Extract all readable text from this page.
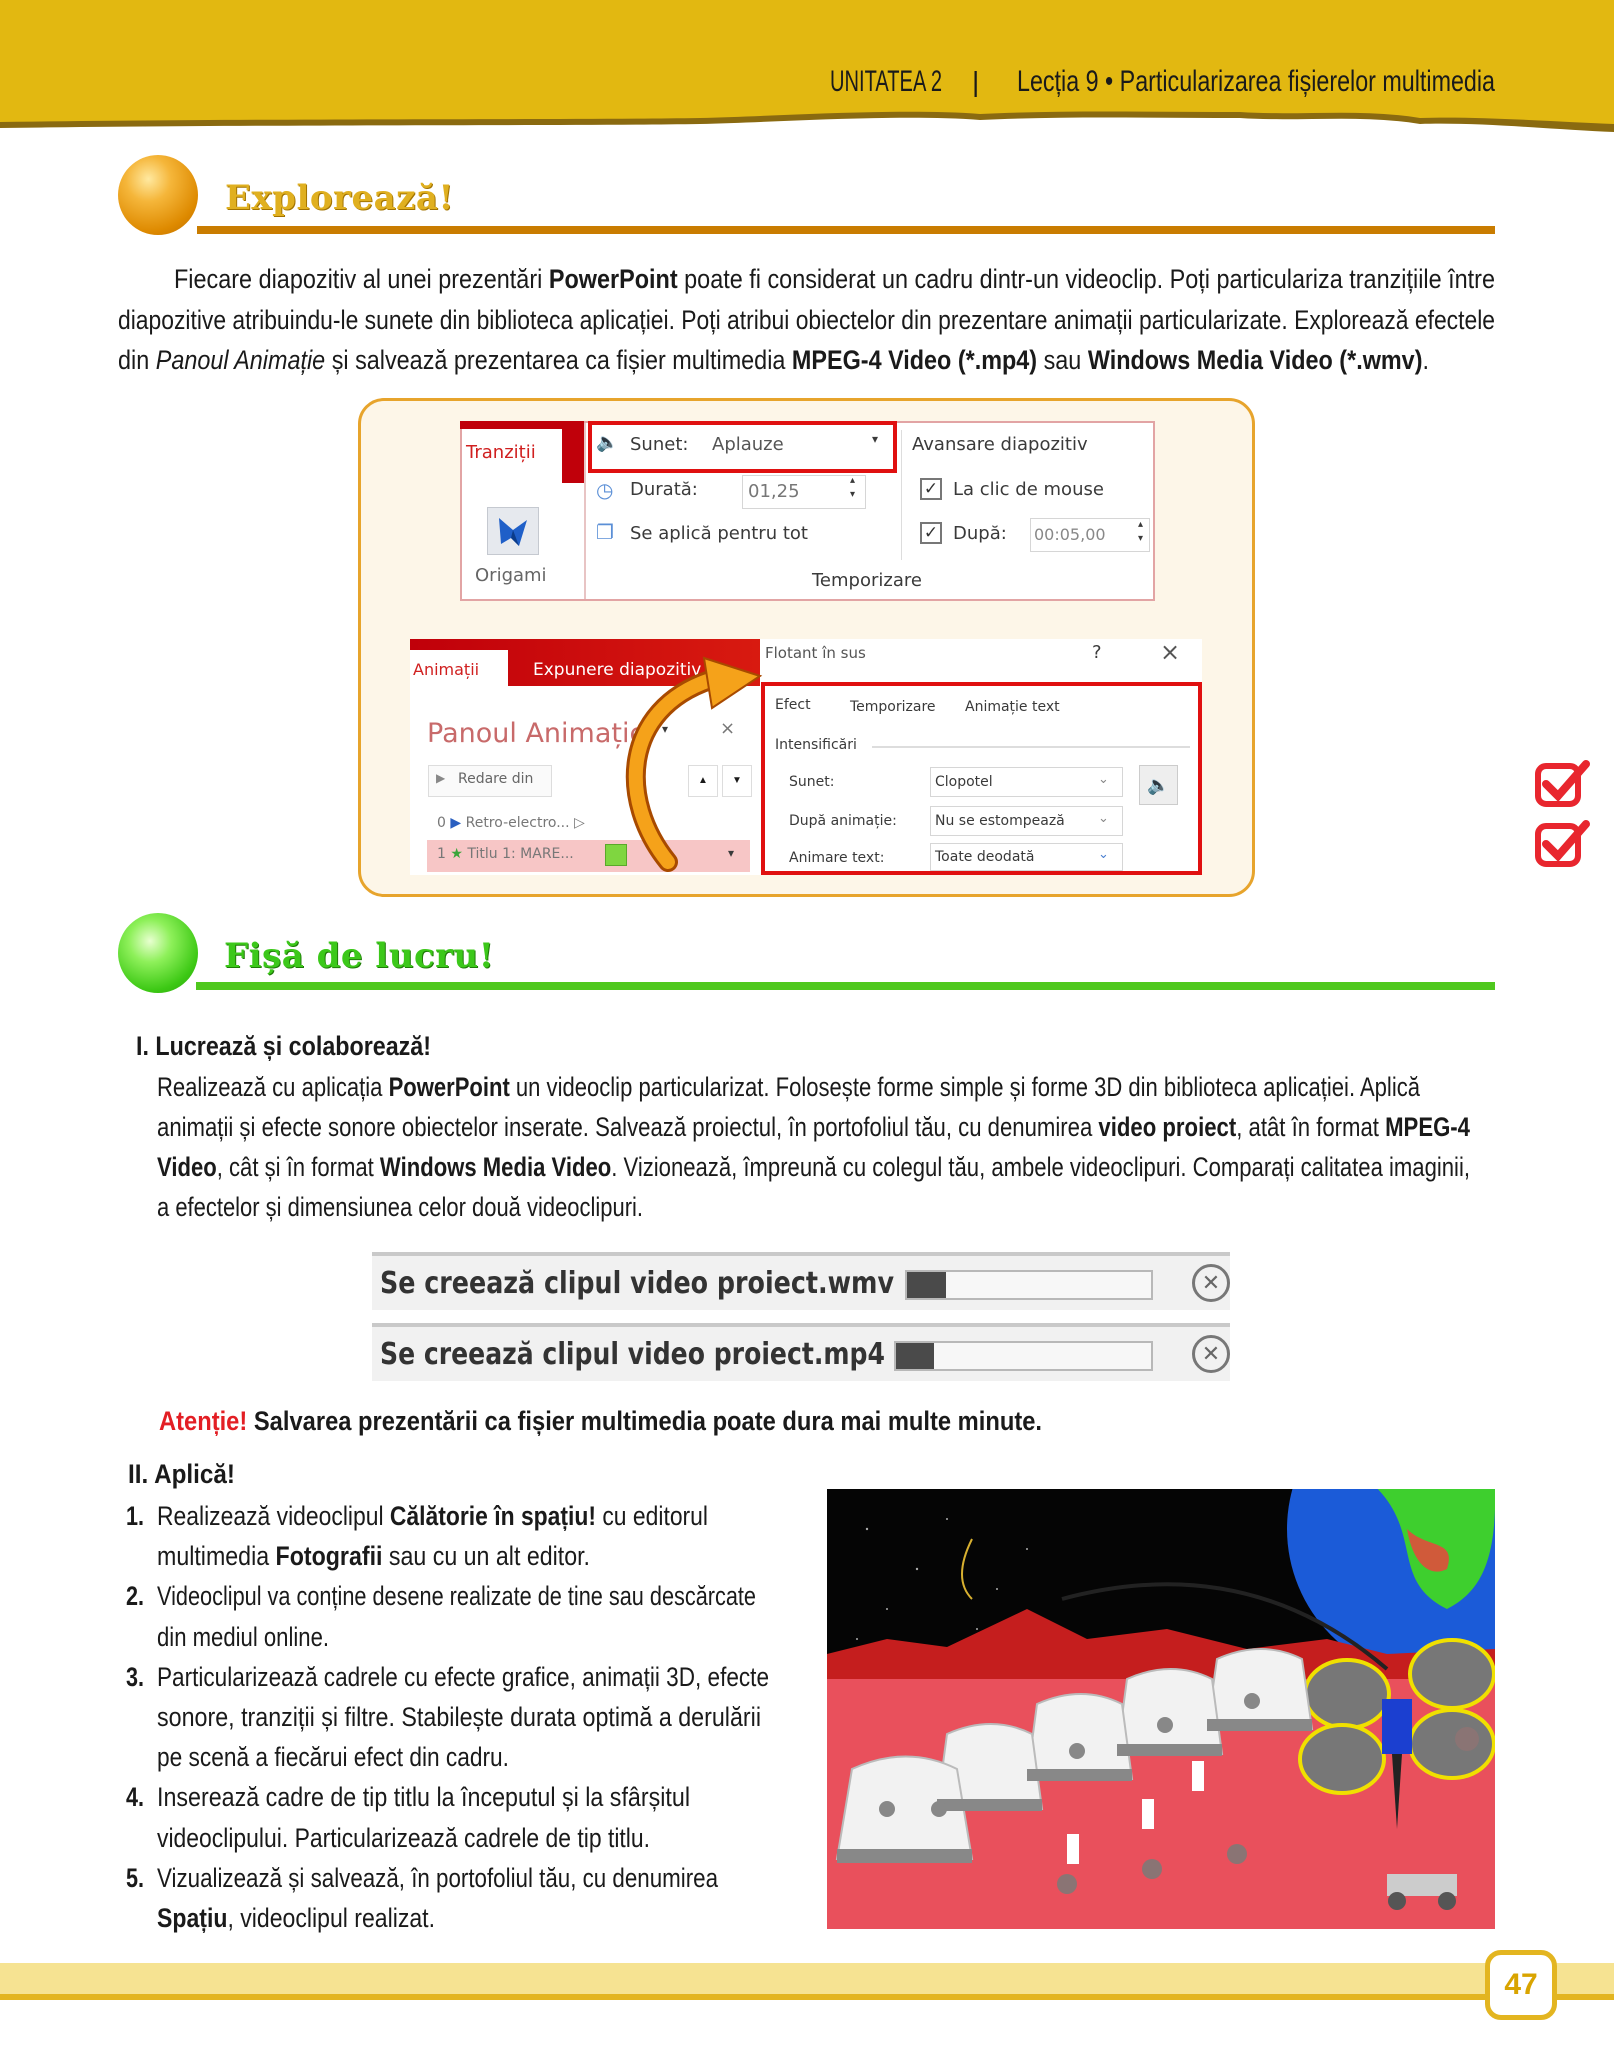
UNITATEA 2	| Lecția 9 • Particularizarea fișierelor multimedia
Explorează!
Fiecare diapozitiv al unei prezentări PowerPoint poate fi considerat un cadru dintr-un videoclip. Poți particulariza tranzițiile între
diapozitive atribuindu-le sunete din biblioteca aplicației. Poți atribui obiectelor din prezentare animații particularizate. Explorează efectele
din Panoul Animație și salvează prezentarea ca fișier multimedia MPEG-4 Video (*.mp4) sau Windows Media Video (*.wmv).
Tranziții
Origami
🔈 Sunet: Aplauze	▾
◷ Durată:	01,25
▴
▾
❐ Se aplică pentru tot
Temporizare
Avansare diapozitiv
✓ La clic de mouse
✓ După: 00:05,00
▴
▾
Animații	Expunere diapozitiv
Panoul Animație ▾	×
▶ Redare din	▲	▼
0 ▶ Retro-electro... ▷
1 ★ Titlu 1: MARE...	▾
Flotant în sus	? ×
Efect	Temporizare Animație text
Intensificări
Sunet:	Clopotel	⌄	🔈
După animație:	Nu se estompează	⌄
Animare text:	Toate deodată	⌄
Fișă de lucru!
I. Lucrează și colaborează!
Realizează cu aplicația PowerPoint un videoclip particularizat. Folosește forme simple și forme 3D din biblioteca aplicației. Aplică
animații și efecte sonore obiectelor inserate. Salvează proiectul, în portofoliul tău, cu denumirea video proiect, atât în format MPEG-4
Video, cât și în format Windows Media Video. Vizionează, împreună cu colegul tău, ambele videoclipuri. Comparați calitatea imaginii,
a efectelor și dimensiunea celor două videoclipuri.
Se creează clipul video proiect.wmv	✕
Se creează clipul video proiect.mp4	✕
Atenție! Salvarea prezentării ca fișier multimedia poate dura mai multe minute.
II. Aplică!
1. Realizează videoclipul Călătorie în spațiu! cu editorul
multimedia Fotografii sau cu un alt editor.
2. Videoclipul va conține desene realizate de tine sau descărcate
din mediul online.
3. Particularizează cadrele cu efecte grafice, animații 3D, efecte
sonore, tranziții și filtre. Stabilește durata optimă a derulării
pe scenă a fiecărui efect din cadru.
4. Inserează cadre de tip titlu la începutul și la sfârșitul
videoclipului. Particularizează cadrele de tip titlu.
5. Vizualizează și salvează, în portofoliul tău, cu denumirea
Spațiu, videoclipul realizat.
47
